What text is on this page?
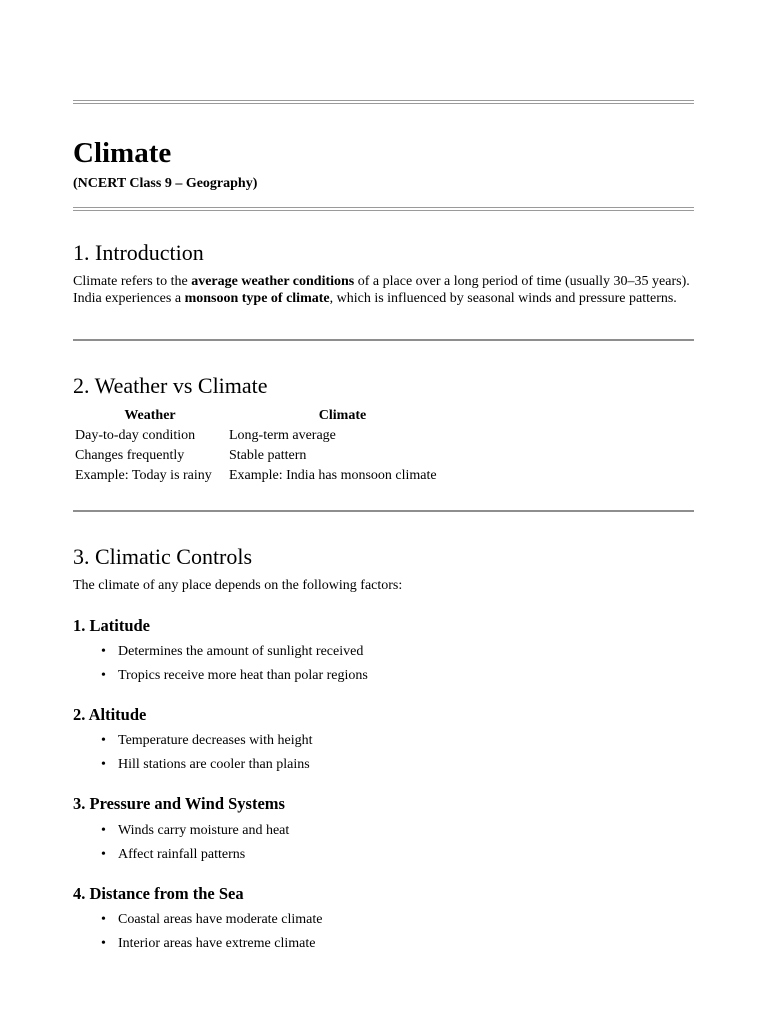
Climate

(NCERT Class 9 – Geography)

1. Introduction

Climate refers to the average weather conditions of a place over a long period of time (usually 30–35 years). India experiences a monsoon type of climate, which is influenced by seasonal winds and pressure patterns.

2. Weather vs Climate
Weather	Climate
Day-to-day condition	Long-term average
Changes frequently	Stable pattern
Example: Today is rainy	Example: India has monsoon climate
3. Climatic Controls

The climate of any place depends on the following factors:

1. Latitude
• Determines the amount of sunlight received
• Tropics receive more heat than polar regions
2. Altitude
• Temperature decreases with height
• Hill stations are cooler than plains
3. Pressure and Wind Systems
• Winds carry moisture and heat
• Affect rainfall patterns
4. Distance from the Sea
• Coastal areas have moderate climate
• Interior areas have extreme climate
